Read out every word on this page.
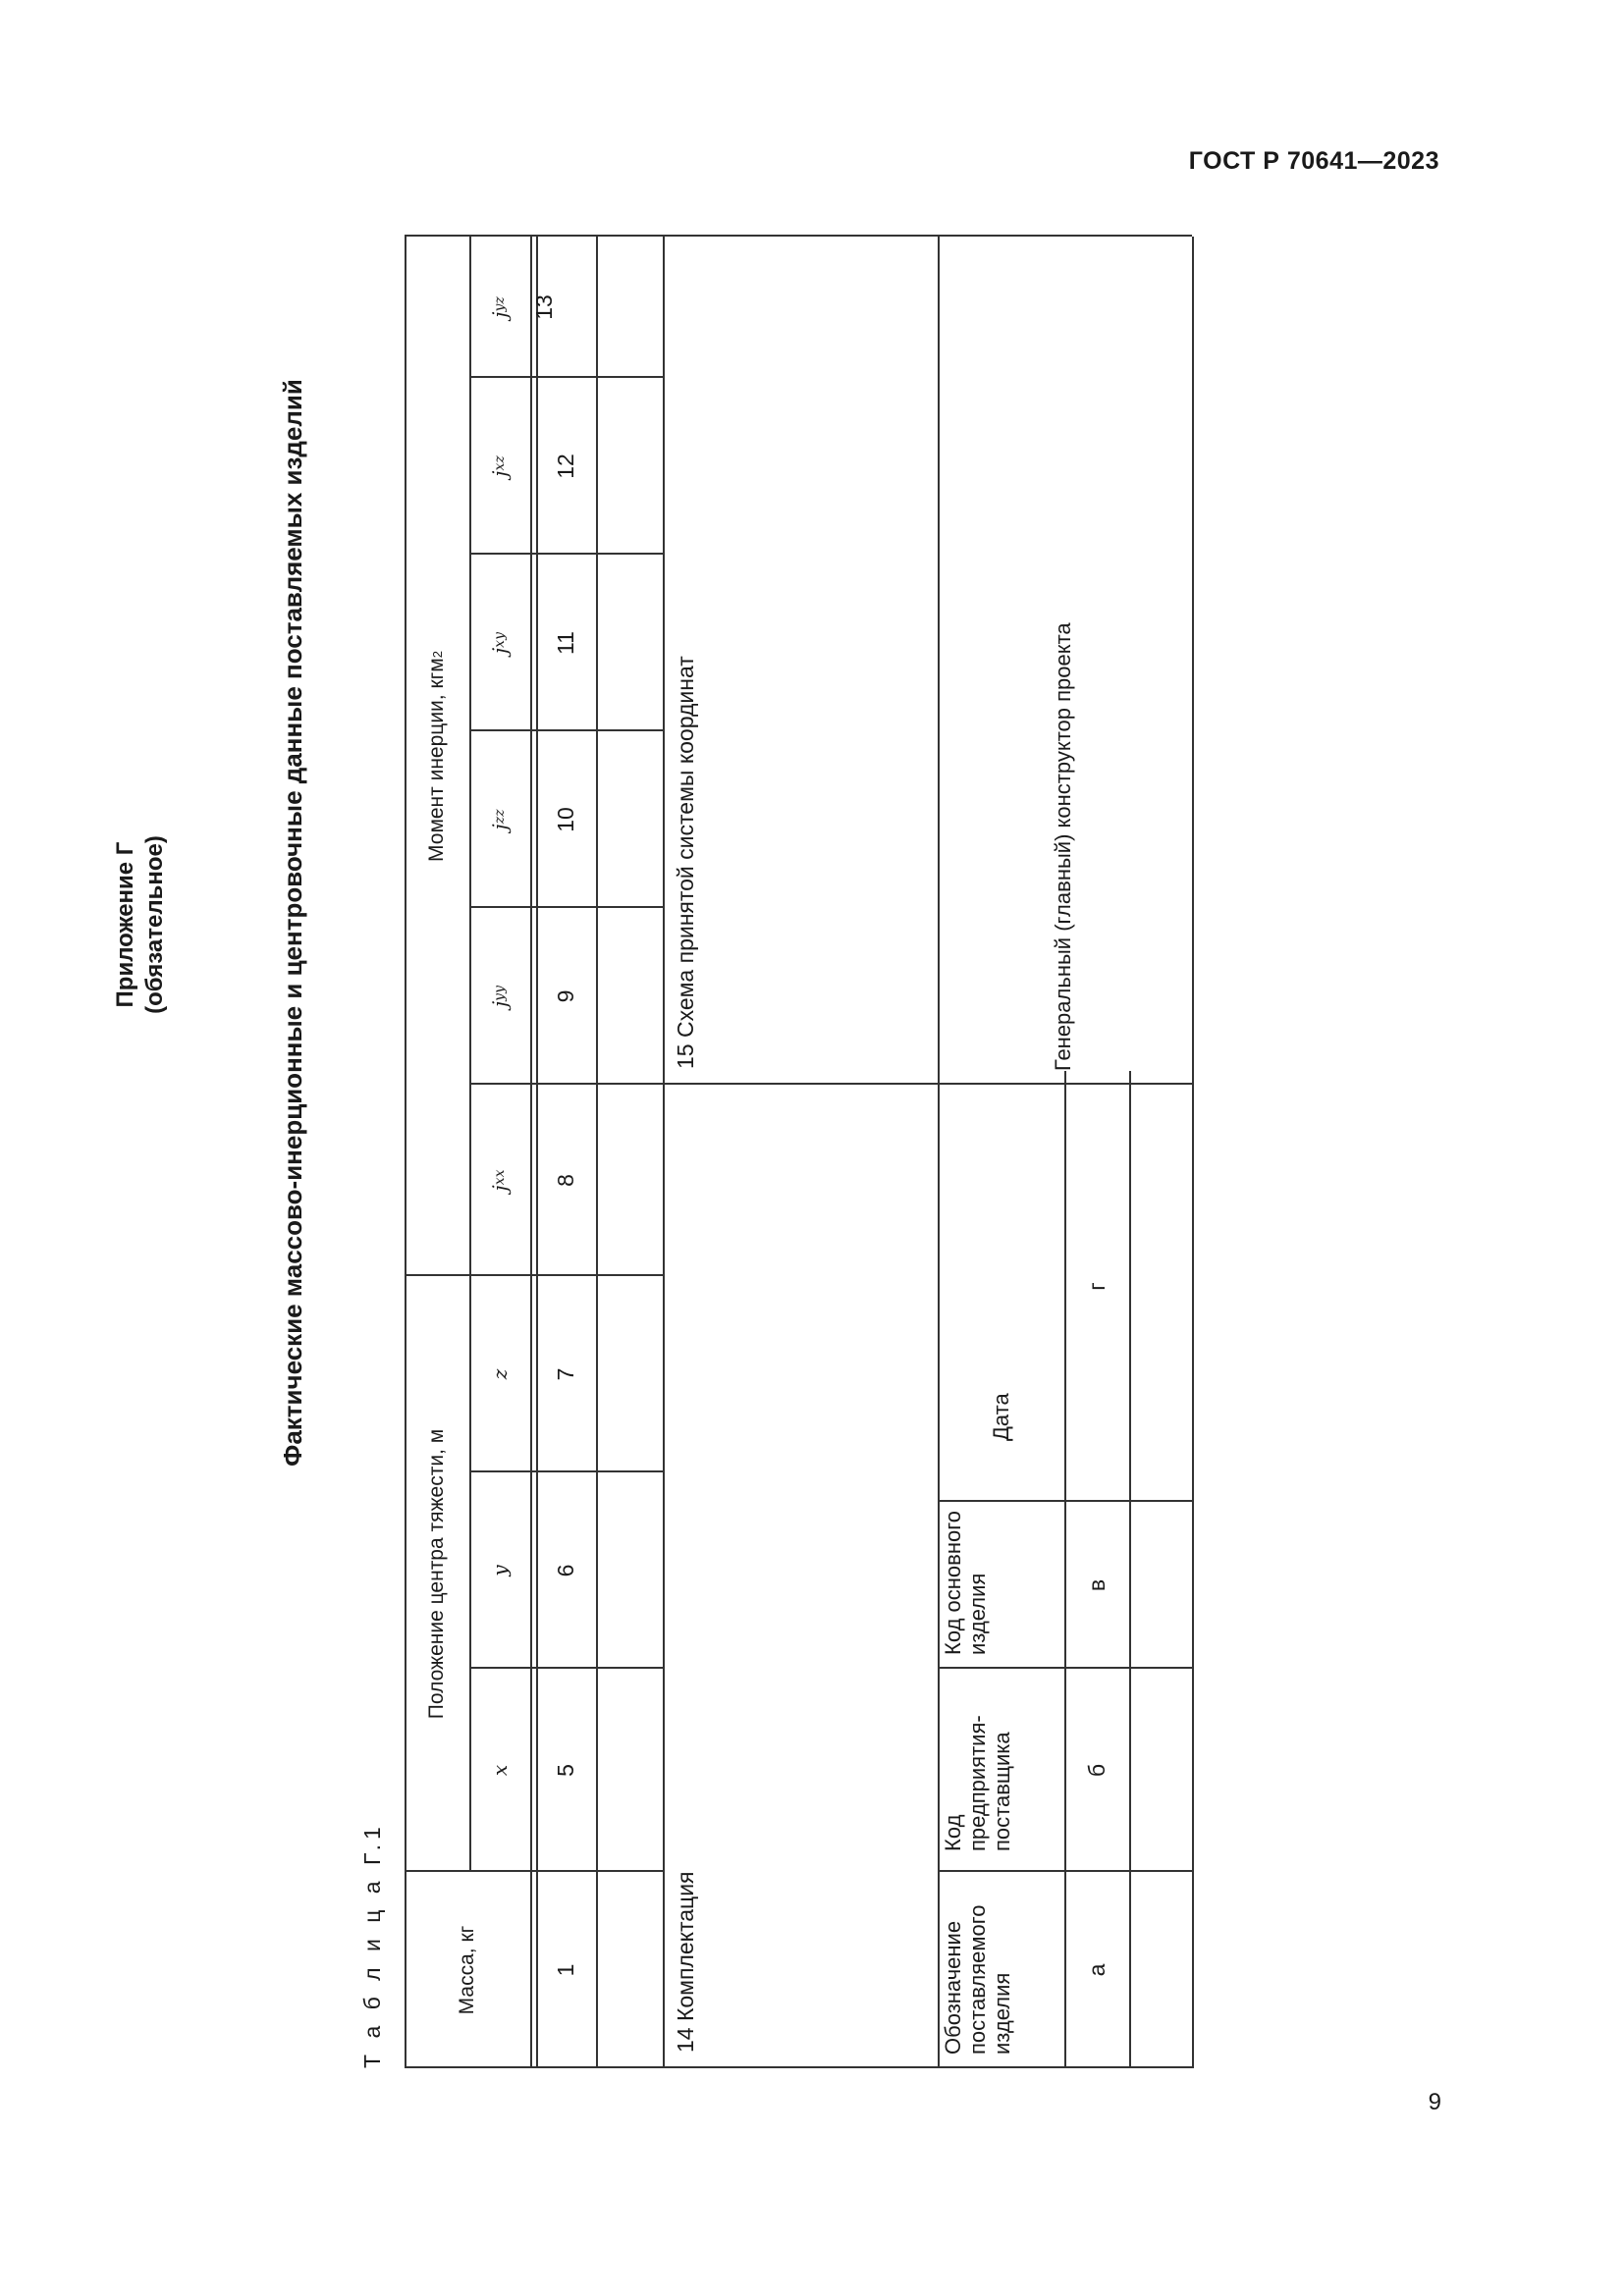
ГОСТ Р 70641—2023
Приложение Г (обязательное)	Фактические массово-инерционные и центровочные данные поставляемых изделий
Т а б л и ц а Г.1	Масса, кг
Положение центра тяжести, м
Момент инерции, кгм
2
x
y
z
j
xx
j
yy
j
zz
j
xy
j
xz
j
yz
1
5
6
7
8
9
10
11
12
13
14 Комплектация
15 Схема принятой системы координат
Обозначение поставляемого изделия
Код предприятия-поставщика
Код основного изделия
Дата
а
б
в
г
Генеральный (главный) конструктор проекта
9
